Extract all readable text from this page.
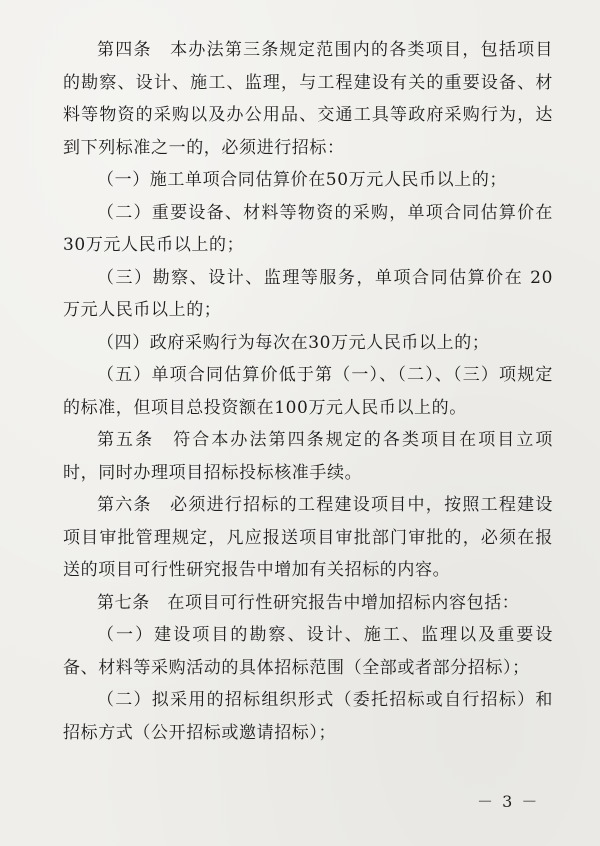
第四条　本办法第三条规定范围内的各类项目，包括项目的勘察、设计、施工、监理，与工程建设有关的重要设备、材料等物资的采购以及办公用品、交通工具等政府采购行为，达到下列标准之一的，必须进行招标：

（一）施工单项合同估算价在50万元人民币以上的；

（二）重要设备、材料等物资的采购，单项合同估算价在30万元人民币以上的；

（三）勘察、设计、监理等服务，单项合同估算价在 20 万元人民币以上的；

（四）政府采购行为每次在30万元人民币以上的；

（五）单项合同估算价低于第（一）、（二）、（三）项规定的标准，但项目总投资额在100万元人民币以上的。

第五条　符合本办法第四条规定的各类项目在项目立项时，同时办理项目招标投标核准手续。

第六条　必须进行招标的工程建设项目中，按照工程建设项目审批管理规定，凡应报送项目审批部门审批的，必须在报送的项目可行性研究报告中增加有关招标的内容。

第七条　在项目可行性研究报告中增加招标内容包括：

（一）建设项目的勘察、设计、施工、监理以及重要设备、材料等采购活动的具体招标范围（全部或者部分招标）；

（二）拟采用的招标组织形式（委托招标或自行招标）和招标方式（公开招标或邀请招标）；

－ 3 －
